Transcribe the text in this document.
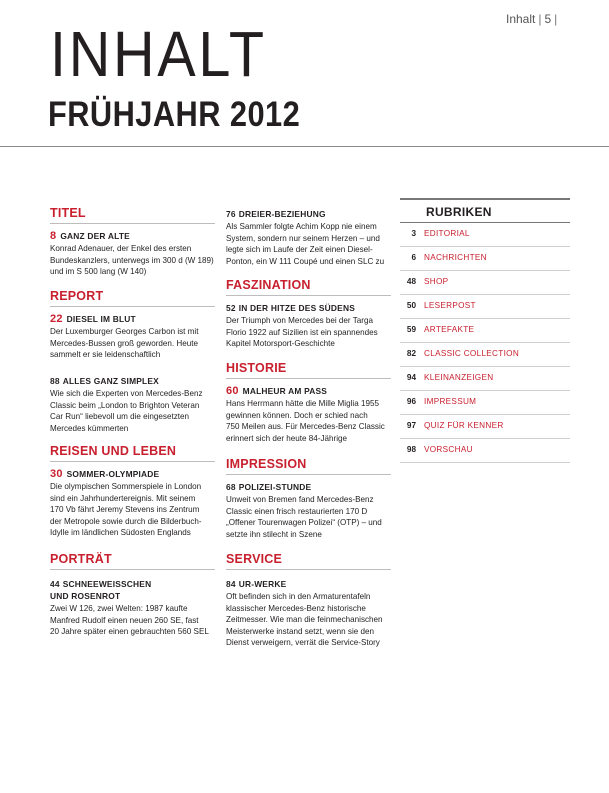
Inhalt | 5 |
INHALT
FRÜHJAHR 2012
TITEL
8 GANZ DER ALTE
Konrad Adenauer, der Enkel des ersten
Bundeskanzlers, unterwegs im 300 d (W 189)
und im S 500 lang (W 140)
REPORT
22 DIESEL IM BLUT
Der Luxemburger Georges Carbon ist mit
Mercedes-Bussen groß geworden. Heute
sammelt er sie leidenschaftlich
88 ALLES GANZ SIMPLEX
Wie sich die Experten von Mercedes-Benz
Classic beim „London to Brighton Veteran
Car Run“ liebevoll um die eingesetzten
Mercedes kümmerten
REISEN UND LEBEN
30 SOMMER-OLYMPIADE
Die olympischen Sommerspiele in London
sind ein Jahrhundertereignis. Mit seinem
170 Vb fährt Jeremy Stevens ins Zentrum
der Metropole sowie durch die Bilderbuch-
Idylle im ländlichen Südosten Englands
PORTRÄT
44 SCHNEEWEISSCHEN
UND ROSENROT
Zwei W 126, zwei Welten: 1987 kaufte
Manfred Rudolf einen neuen 260 SE, fast
20 Jahre später einen gebrauchten 560 SEL
76 DREIER-BEZIEHUNG
Als Sammler folgte Achim Kopp nie einem
System, sondern nur seinem Herzen – und
legte sich im Laufe der Zeit einen Diesel-
Ponton, ein W 111 Coupé und einen SLC zu
FASZINATION
52 IN DER HITZE DES SÜDENS
Der Triumph von Mercedes bei der Targa
Florio 1922 auf Sizilien ist ein spannendes
Kapitel Motorsport-Geschichte
HISTORIE
60 MALHEUR AM PASS
Hans Herrmann hätte die Mille Miglia 1955
gewinnen können. Doch er schied nach
750 Meilen aus. Für Mercedes-Benz Classic
erinnert sich der heute 84-Jährige
IMPRESSION
68 POLIZEI-STUNDE
Unweit von Bremen fand Mercedes-Benz
Classic einen frisch restaurierten 170 D
„Offener Tourenwagen Polizei“ (OTP) – und
setzte ihn stilecht in Szene
SERVICE
84 UR-WERKE
Oft befinden sich in den Armaturentafeln
klassischer Mercedes-Benz historische
Zeitmesser. Wie man die feinmechanischen
Meisterwerke instand setzt, wenn sie den
Dienst verweigern, verrät die Service-Story
RUBRIKEN
3 EDITORIAL
6 NACHRICHTEN
48 SHOP
50 LESERPOST
59 ARTEFAKTE
82 CLASSIC COLLECTION
94 KLEINANZEIGEN
96 IMPRESSUM
97 QUIZ FÜR KENNER
98 VORSCHAU
